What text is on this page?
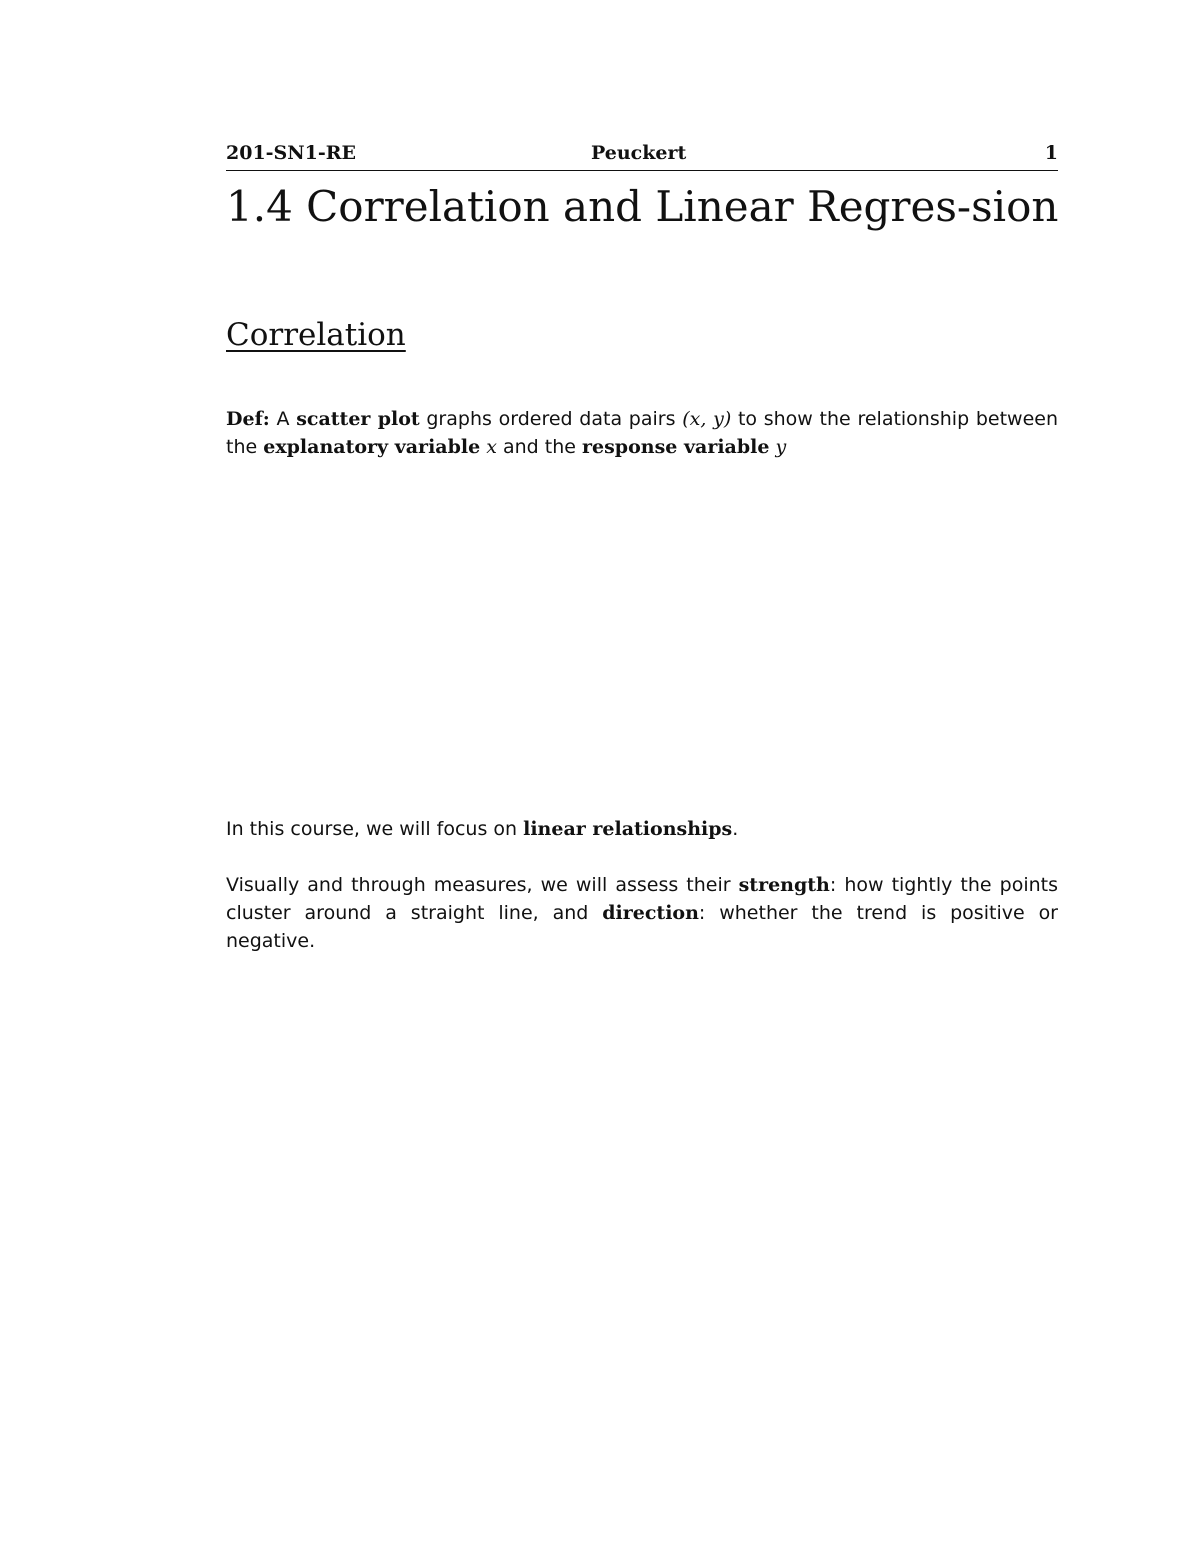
201-SN1-RE	Peuckert	1
1.4 Correlation and Linear Regres-sion
Correlation

Def: A scatter plot graphs ordered data pairs (x, y) to show the relationship between the explanatory variable x and the response variable y

In this course, we will focus on linear relationships.

Visually and through measures, we will assess their strength: how tightly the points cluster around a straight line, and direction: whether the trend is positive or negative.
